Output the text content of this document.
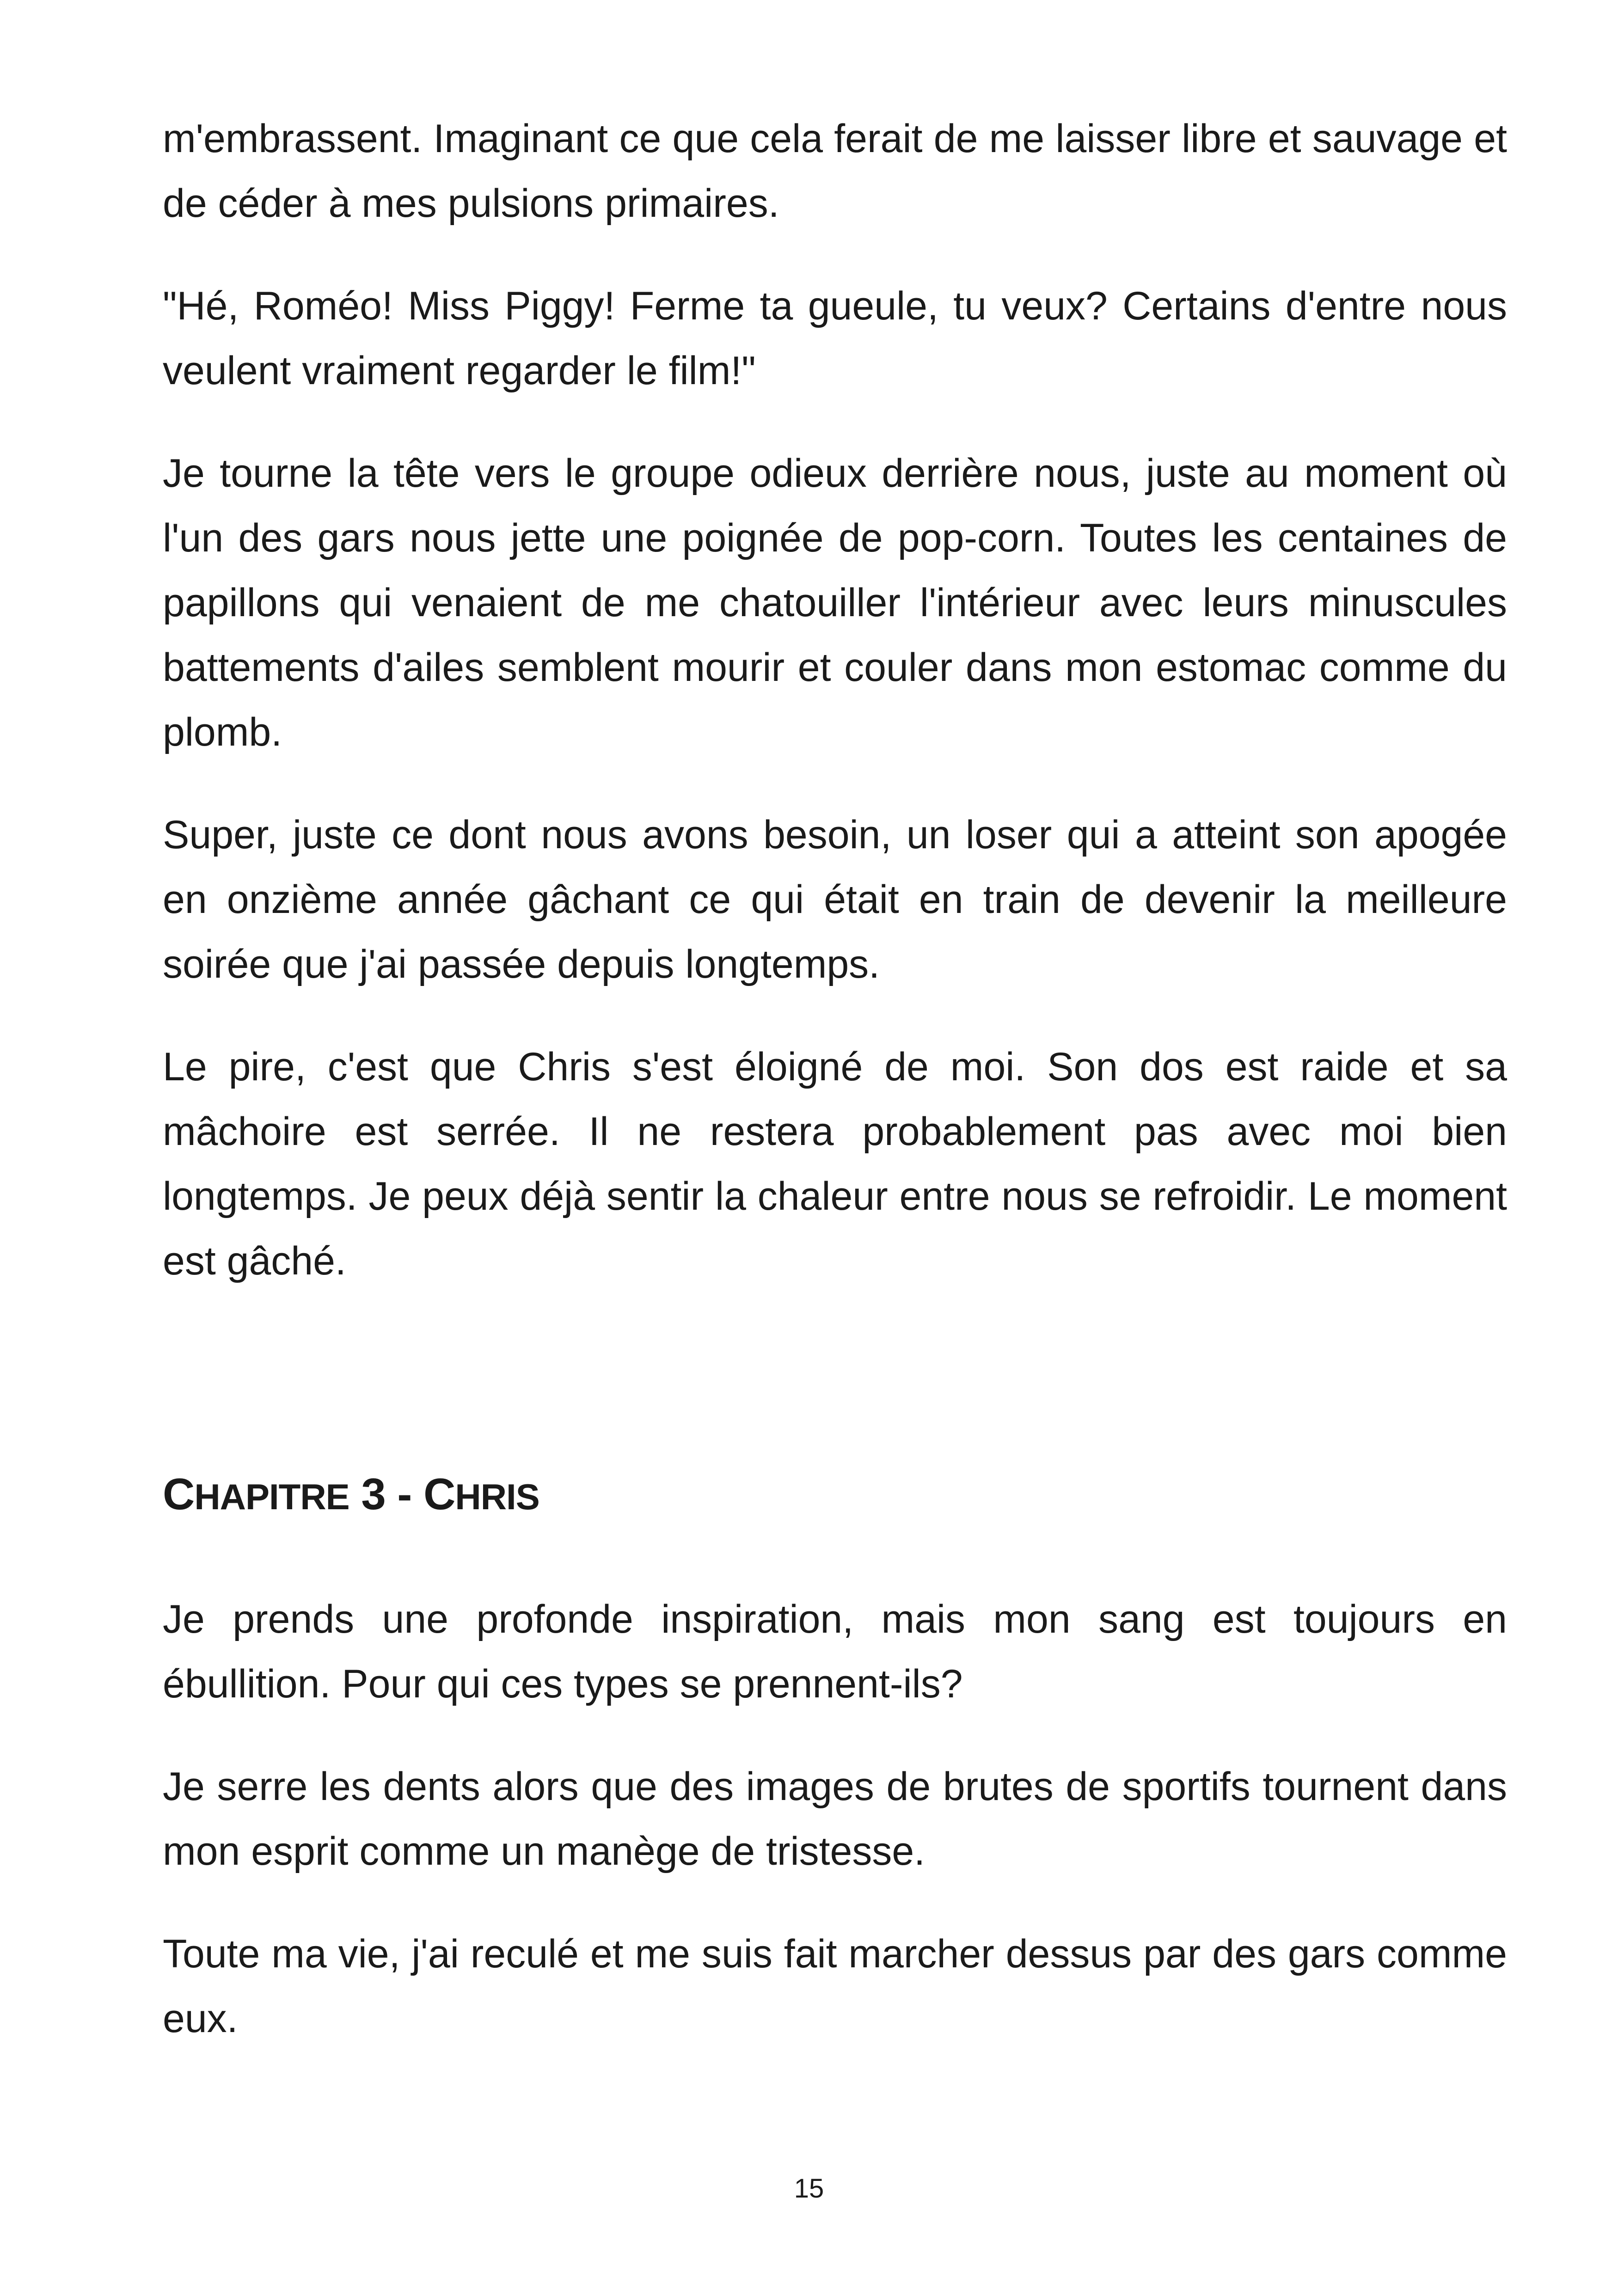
m'embrassent. Imaginant ce que cela ferait de me laisser libre et sauvage et de céder à mes pulsions primaires.

"Hé, Roméo! Miss Piggy! Ferme ta gueule, tu veux? Certains d'entre nous veulent vraiment regarder le film!"

Je tourne la tête vers le groupe odieux derrière nous, juste au moment où l'un des gars nous jette une poignée de pop-corn. Toutes les centaines de papillons qui venaient de me chatouiller l'intérieur avec leurs minuscules battements d'ailes semblent mourir et couler dans mon estomac comme du plomb.

Super, juste ce dont nous avons besoin, un loser qui a atteint son apogée en onzième année gâchant ce qui était en train de devenir la meilleure soirée que j'ai passée depuis longtemps.

Le pire, c'est que Chris s'est éloigné de moi. Son dos est raide et sa mâchoire est serrée. Il ne restera probablement pas avec moi bien longtemps. Je peux déjà sentir la chaleur entre nous se refroidir. Le moment est gâché.

CHAPITRE 3 - CHRIS

Je prends une profonde inspiration, mais mon sang est toujours en ébullition. Pour qui ces types se prennent-ils?

Je serre les dents alors que des images de brutes de sportifs tournent dans mon esprit comme un manège de tristesse.

Toute ma vie, j'ai reculé et me suis fait marcher dessus par des gars comme eux.

15
